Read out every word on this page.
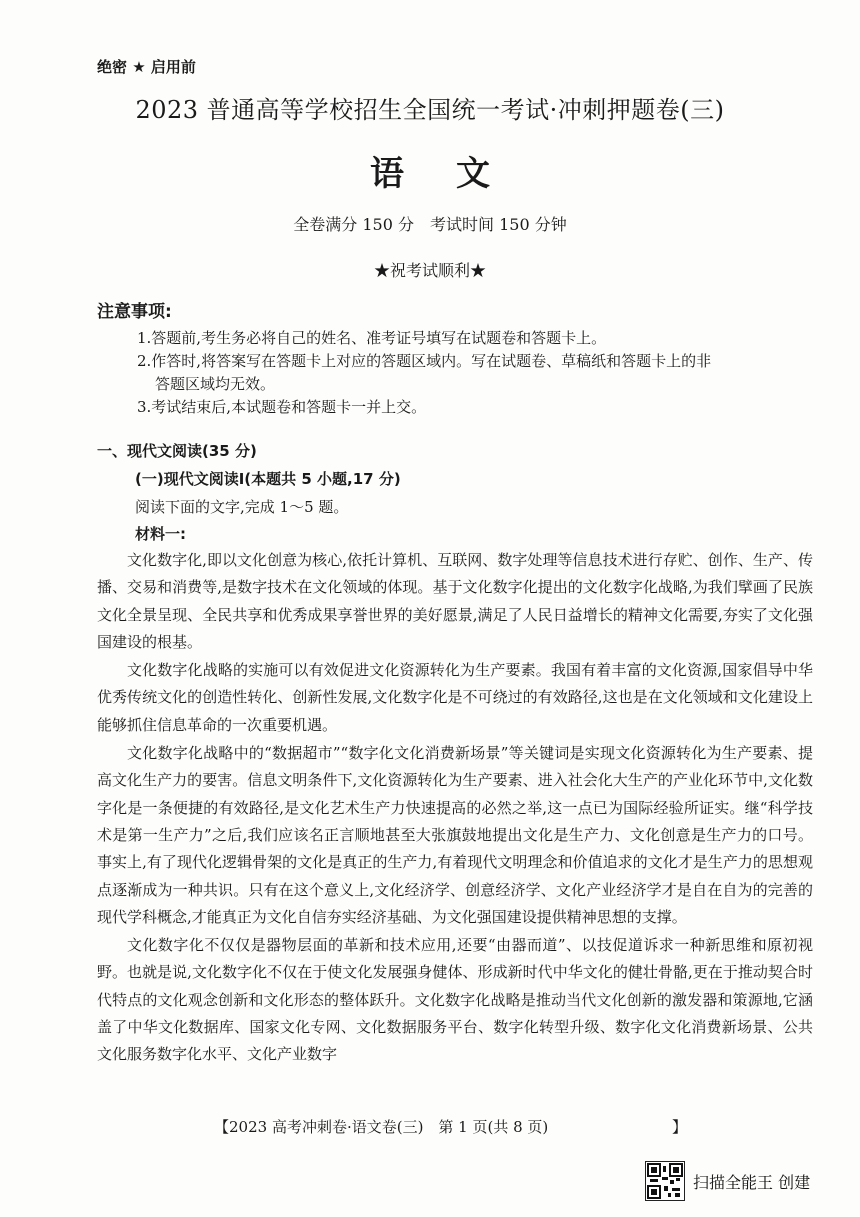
绝密 ★ 启用前
2023 普通高等学校招生全国统一考试·冲刺押题卷(三)
语文
全卷满分 150 分　考试时间 150 分钟
★祝考试顺利★
注意事项:
1.答题前,考生务必将自己的姓名、准考证号填写在试题卷和答题卡上。
2.作答时,将答案写在答题卡上对应的答题区域内。写在试题卷、草稿纸和答题卡上的非
答题区域均无效。
3.考试结束后,本试题卷和答题卡一并上交。
一、现代文阅读(35 分)
(一)现代文阅读Ⅰ(本题共 5 小题,17 分)
阅读下面的文字,完成 1～5 题。
材料一:

文化数字化,即以文化创意为核心,依托计算机、互联网、数字处理等信息技术进行存贮、创作、生产、传播、交易和消费等,是数字技术在文化领域的体现。基于文化数字化提出的文化数字化战略,为我们擘画了民族文化全景呈现、全民共享和优秀成果享誉世界的美好愿景,满足了人民日益增长的精神文化需要,夯实了文化强国建设的根基。

文化数字化战略的实施可以有效促进文化资源转化为生产要素。我国有着丰富的文化资源,国家倡导中华优秀传统文化的创造性转化、创新性发展,文化数字化是不可绕过的有效路径,这也是在文化领域和文化建设上能够抓住信息革命的一次重要机遇。

文化数字化战略中的“数据超市”“数字化文化消费新场景”等关键词是实现文化资源转化为生产要素、提高文化生产力的要害。信息文明条件下,文化资源转化为生产要素、进入社会化大生产的产业化环节中,文化数字化是一条便捷的有效路径,是文化艺术生产力快速提高的必然之举,这一点已为国际经验所证实。继“科学技术是第一生产力”之后,我们应该名正言顺地甚至大张旗鼓地提出文化是生产力、文化创意是生产力的口号。事实上,有了现代化逻辑骨架的文化是真正的生产力,有着现代文明理念和价值追求的文化才是生产力的思想观点逐渐成为一种共识。只有在这个意义上,文化经济学、创意经济学、文化产业经济学才是自在自为的完善的现代学科概念,才能真正为文化自信夯实经济基础、为文化强国建设提供精神思想的支撑。

文化数字化不仅仅是器物层面的革新和技术应用,还要“由器而道”、以技促道诉求一种新思维和原初视野。也就是说,文化数字化不仅在于使文化发展强身健体、形成新时代中华文化的健壮骨骼,更在于推动契合时代特点的文化观念创新和文化形态的整体跃升。文化数字化战略是推动当代文化创新的激发器和策源地,它涵盖了中华文化数据库、国家文化专网、文化数据服务平台、数字化转型升级、数字化文化消费新场景、公共文化服务数字化水平、文化产业数字

【2023 高考冲刺卷·语文卷(三)　第 1 页(共 8 页)	】
扫描全能王 创建
